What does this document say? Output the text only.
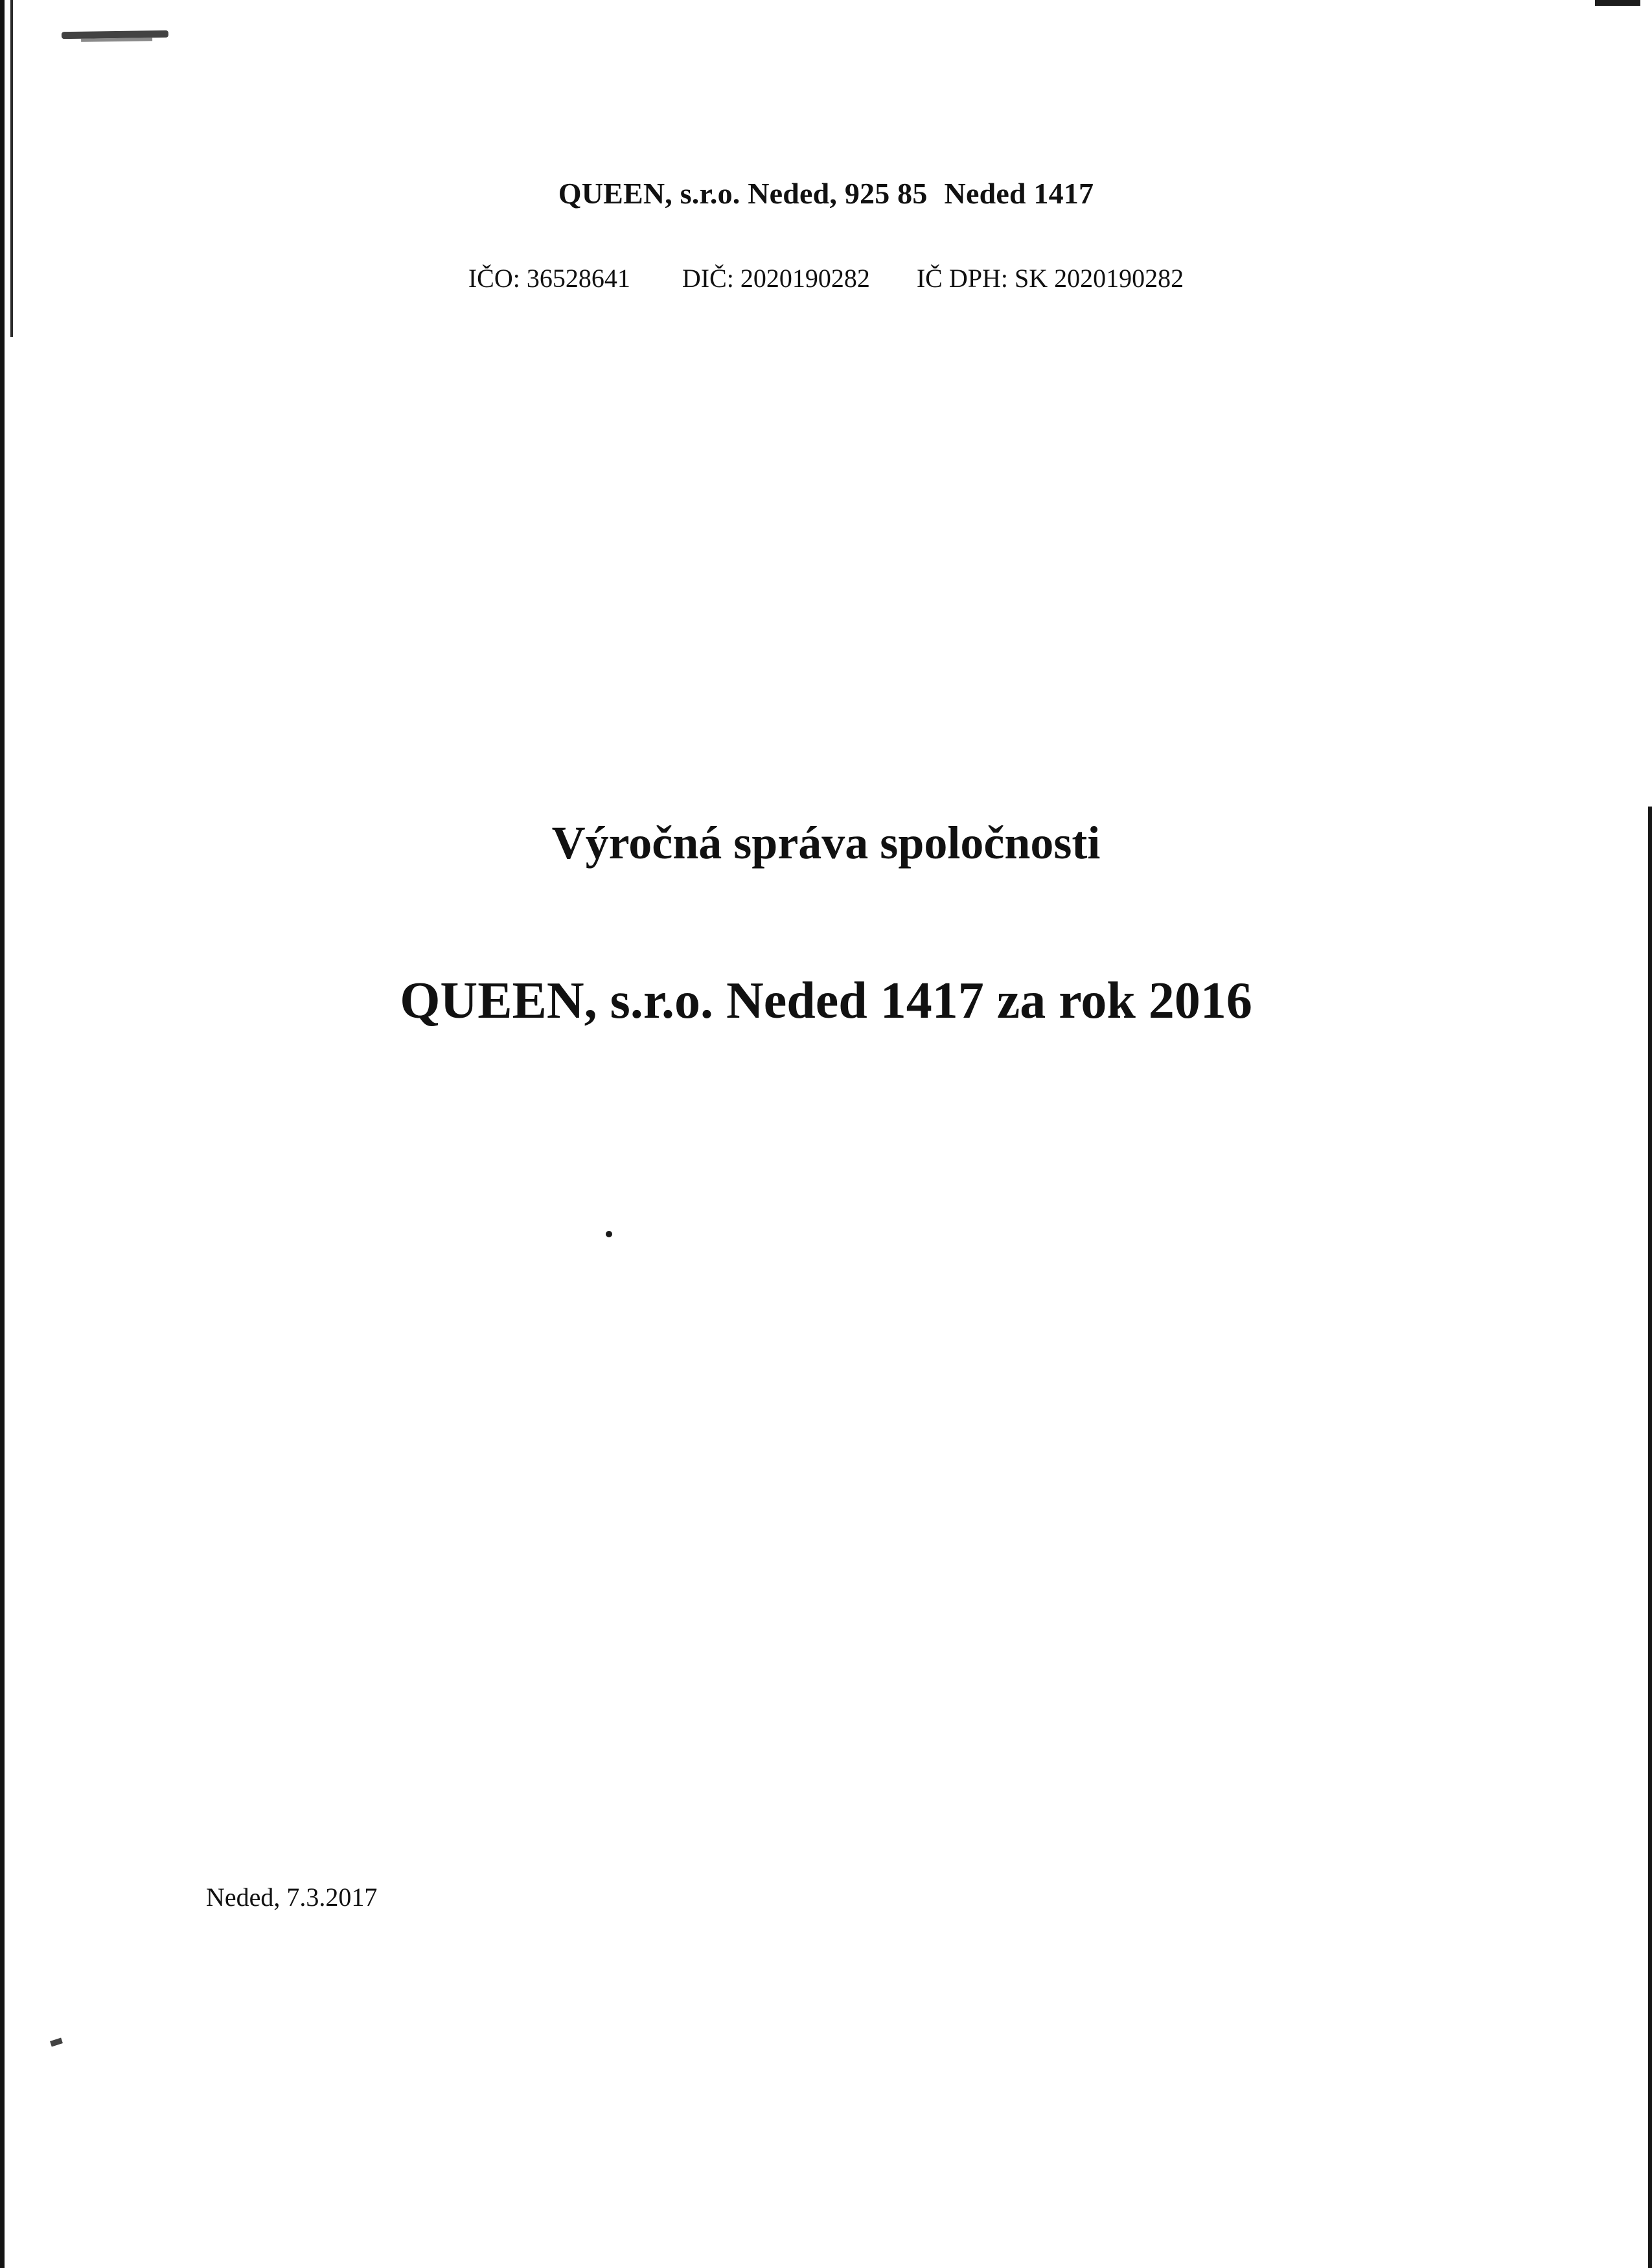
QUEEN, s.r.o. Neded, 925 85 Neded 1417
IČO: 36528641 DIČ: 2020190282 IČ DPH: SK 2020190282
Výročná správa spoločnosti
QUEEN, s.r.o. Neded 1417 za rok 2016
Neded, 7.3.2017
